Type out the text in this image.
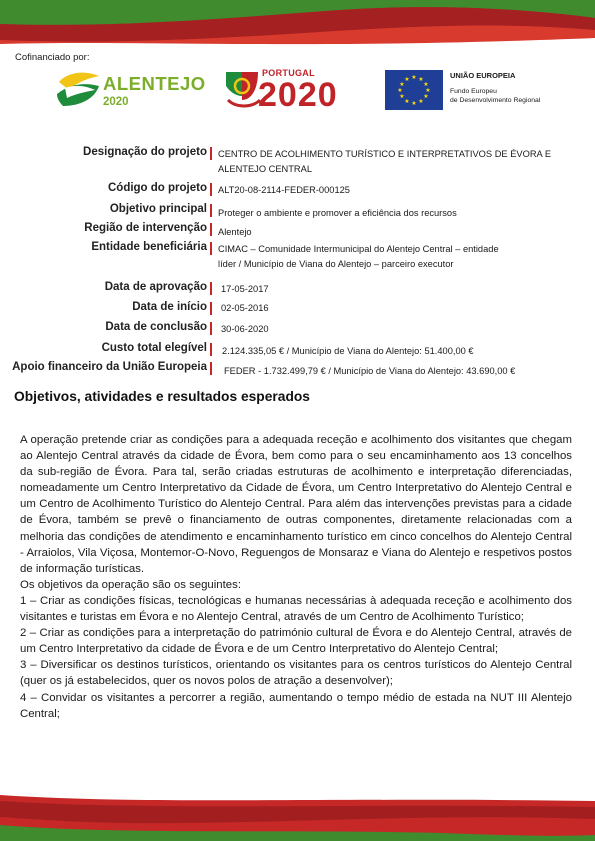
Cofinanciado por:
ALENTEJO
2020
PORTUGAL
2020	★ ★
★
★
★
★
★
★
★
★
★
★	UNIÃO EUROPEIA
Fundo Europeu
de Desenvolvimento Regional
Designação do projeto CENTRO DE ACOLHIMENTO TURÍSTICO E INTERPRETATIVOS DE ÉVORA E
ALENTEJO CENTRAL
Código do projeto ALT20-08-2114-FEDER-000125
Objetivo principal Proteger o ambiente e promover a eficiência dos recursos
Região de intervenção Alentejo
Entidade beneficiária CIMAC – Comunidade Intermunicipal do Alentejo Central – entidade
líder / Município de Viana do Alentejo – parceiro executor
Data de aprovação 17-05-2017
Data de início 02-05-2016
Data de conclusão 30-06-2020
Custo total elegível 2.124.335,05 € / Município de Viana do Alentejo: 51.400,00 €
Apoio financeiro da União Europeia FEDER - 1.732.499,79 € / Município de Viana do Alentejo: 43.690,00 €
Objetivos, atividades e resultados esperados

A operação pretende criar as condições para a adequada receção e acolhimento dos visitantes que chegam ao Alentejo Central através da cidade de Évora, bem como para o seu encaminhamento aos 13 concelhos da sub-região de Évora. Para tal, serão criadas estruturas de acolhimento e interpretação diferenciadas, nomeadamente um Centro Interpretativo da Cidade de Évora, um Centro Interpretativo do Alentejo Central e um Centro de Acolhimento Turístico do Alentejo Central. Para além das intervenções previstas para a cidade de Évora, também se prevê o financiamento de outras componentes, diretamente relacionadas com a melhoria das condições de atendimento e encaminhamento turístico em cinco concelhos do Alentejo Central - Arraiolos, Vila Viçosa, Montemor-O-Novo, Reguengos de Monsaraz e Viana do Alentejo e respetivos postos de informação turísticas.

Os objetivos da operação são os seguintes:

1 – Criar as condições físicas, tecnológicas e humanas necessárias à adequada receção e acolhimento dos visitantes e turistas em Évora e no Alentejo Central, através de um Centro de Acolhimento Turístico;

2 – Criar as condições para a interpretação do património cultural de Évora e do Alentejo Central, através de um Centro Interpretativo da cidade de Évora e de um Centro Interpretativo do Alentejo Central;

3 – Diversificar os destinos turísticos, orientando os visitantes para os centros turísticos do Alentejo Central (quer os já estabelecidos, quer os novos polos de atração a desenvolver);

4 – Convidar os visitantes a percorrer a região, aumentando o tempo médio de estada na NUT III Alentejo Central;
